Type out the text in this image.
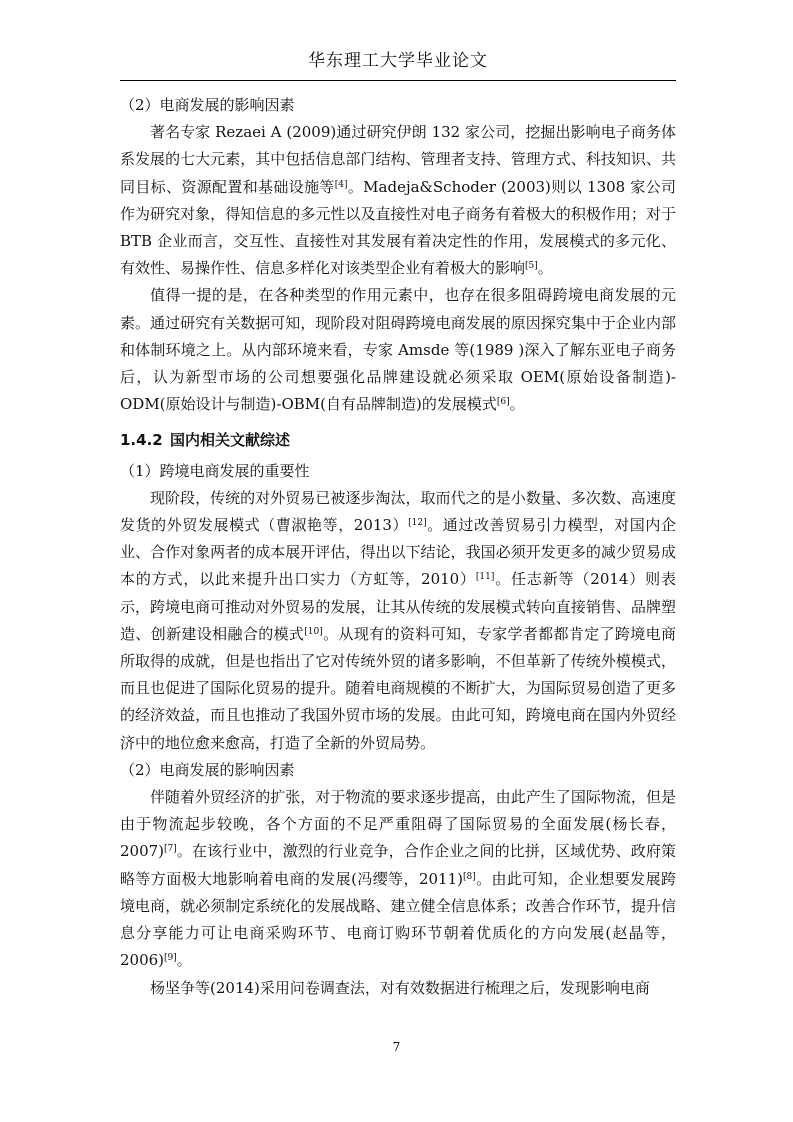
华东理工大学毕业论文

（2）电商发展的影响因素

著名专家 Rezaei A (2009)通过研究伊朗 132 家公司，挖掘出影响电子商务体系发展的七大元素，其中包括信息部门结构、管理者支持、管理方式、科技知识、共同目标、资源配置和基础设施等[4]。Madeja&Schoder (2003)则以 1308 家公司作为研究对象，得知信息的多元性以及直接性对电子商务有着极大的积极作用；对于 BTB 企业而言，交互性、直接性对其发展有着决定性的作用，发展模式的多元化、有效性、易操作性、信息多样化对该类型企业有着极大的影响[5]。

值得一提的是，在各种类型的作用元素中，也存在很多阻碍跨境电商发展的元素。通过研究有关数据可知，现阶段对阻碍跨境电商发展的原因探究集中于企业内部和体制环境之上。从内部环境来看，专家 Amsde 等(1989 )深入了解东亚电子商务后，认为新型市场的公司想要强化品牌建设就必须采取 OEM(原始设备制造)-ODM(原始设计与制造)-OBM(自有品牌制造)的发展模式[6]。

1.4.2 国内相关文献综述

（1）跨境电商发展的重要性

现阶段，传统的对外贸易已被逐步淘汰，取而代之的是小数量、多次数、高速度发货的外贸发展模式（曹淑艳等，2013）[12]。通过改善贸易引力模型，对国内企业、合作对象两者的成本展开评估，得出以下结论，我国必须开发更多的减少贸易成本的方式，以此来提升出口实力（方虹等，2010）[11]。任志新等（2014）则表示，跨境电商可推动对外贸易的发展，让其从传统的发展模式转向直接销售、品牌塑造、创新建设相融合的模式[10]。从现有的资料可知，专家学者都都肯定了跨境电商所取得的成就，但是也指出了它对传统外贸的诸多影响，不但革新了传统外模模式，而且也促进了国际化贸易的提升。随着电商规模的不断扩大，为国际贸易创造了更多的经济效益，而且也推动了我国外贸市场的发展。由此可知，跨境电商在国内外贸经济中的地位愈来愈高，打造了全新的外贸局势。

（2）电商发展的影响因素

伴随着外贸经济的扩张，对于物流的要求逐步提高，由此产生了国际物流，但是由于物流起步较晚，各个方面的不足严重阻碍了国际贸易的全面发展(杨长春，2007)[7]。在该行业中，激烈的行业竞争，合作企业之间的比拼，区域优势、政府策略等方面极大地影响着电商的发展(冯缨等，2011)[8]。由此可知，企业想要发展跨境电商，就必须制定系统化的发展战略、建立健全信息体系；改善合作环节，提升信息分享能力可让电商采购环节、电商订购环节朝着优质化的方向发展(赵晶等，2006)[9]。

杨坚争等(2014)采用问卷调查法，对有效数据进行梳理之后，发现影响电商

7
